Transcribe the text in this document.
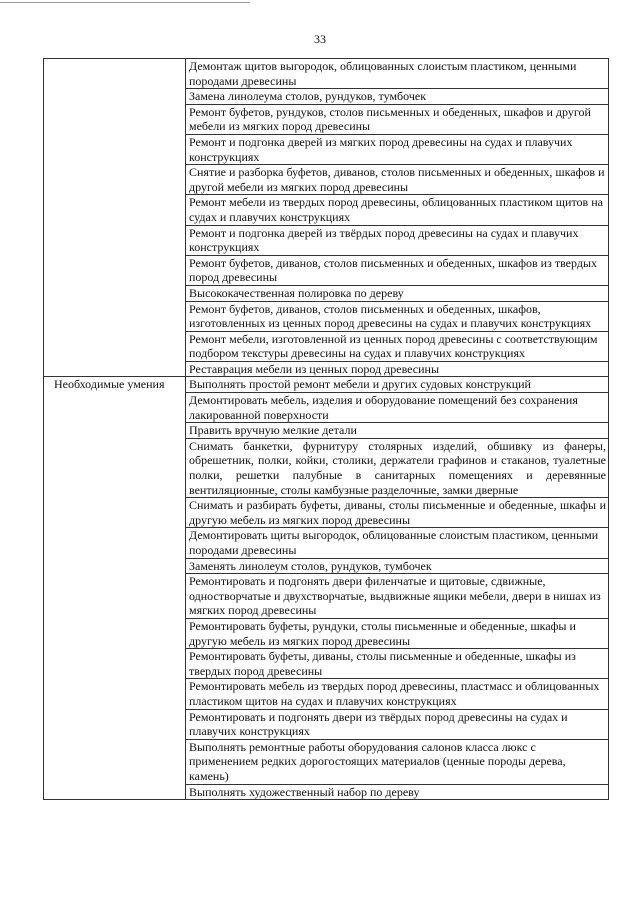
33
	Демонтаж щитов выгородок, облицованных слоистым пластиком, ценными породами древесины
	Замена линолеума столов, рундуков, тумбочек
	Ремонт буфетов, рундуков, столов письменных и обеденных, шкафов и другой мебели из мягких пород древесины
	Ремонт и подгонка дверей из мягких пород древесины на судах и плавучих конструкциях
	Снятие и разборка буфетов, диванов, столов письменных и обеденных, шкафов и другой мебели из мягких пород древесины
	Ремонт мебели из твердых пород древесины, облицованных пластиком щитов на судах и плавучих конструкциях
	Ремонт и подгонка дверей из твёрдых пород древесины на судах и плавучих конструкциях
	Ремонт буфетов, диванов, столов письменных и обеденных, шкафов из твердых пород древесины
	Высококачественная полировка по дереву
	Ремонт буфетов, диванов, столов письменных и обеденных, шкафов, изготовленных из ценных пород древесины на судах и плавучих конструкциях
	Ремонт мебели, изготовленной из ценных пород древесины с соответствующим подбором текстуры древесины на судах и плавучих конструкциях
	Реставрация мебели из ценных пород древесины

Необходимые умения	Выполнять простой ремонт мебели и других судовых конструкций
	Демонтировать мебель, изделия и оборудование помещений без сохранения лакированной поверхности
	Править вручную мелкие детали
	Снимать банкетки, фурнитуру столярных изделий, обшивку из фанеры, обрешетник, полки, койки, столики, держатели графинов и стаканов, туалетные полки, решетки палубные в санитарных помещениях и деревянные вентиляционные, столы камбузные разделочные, замки дверные
	Снимать и разбирать буфеты, диваны, столы письменные и обеденные, шкафы и другую мебель из мягких пород древесины
	Демонтировать щиты выгородок, облицованные слоистым пластиком, ценными породами древесины
	Заменять линолеум столов, рундуков, тумбочек
	Ремонтировать и подгонять двери филенчатые и щитовые, сдвижные, одностворчатые и двухстворчатые, выдвижные ящики мебели, двери в нишах из мягких пород древесины
	Ремонтировать буфеты, рундуки, столы письменные и обеденные, шкафы и другую мебель из мягких пород древесины
	Ремонтировать буфеты, диваны, столы письменные и обеденные, шкафы из твердых пород древесины
	Ремонтировать мебель из твердых пород древесины, пластмасс и облицованных пластиком щитов на судах и плавучих конструкциях
	Ремонтировать и подгонять двери из твёрдых пород древесины на судах и плавучих конструкциях
	Выполнять ремонтные работы оборудования салонов класса люкс с применением редких дорогостоящих материалов (ценные породы дерева, камень)
	Выполнять художественный набор по дереву
